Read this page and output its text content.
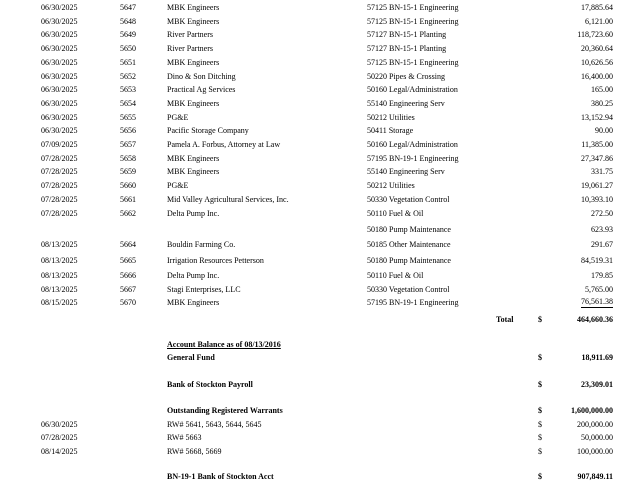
06/30/2025	5647	MBK Engineers	57125 BN-15-1 Engineering	17,885.64
06/30/2025	5648	MBK Engineers	57125 BN-15-1 Engineering	6,121.00
06/30/2025	5649	River Partners	57127 BN-15-1 Planting	118,723.60
06/30/2025	5650	River Partners	57127 BN-15-1 Planting	20,360.64
06/30/2025	5651	MBK Engineers	57125 BN-15-1 Engineering	10,626.56
06/30/2025	5652	Dino & Son Ditching	50220 Pipes & Crossing	16,400.00
06/30/2025	5653	Practical Ag Services	50160 Legal/Administration	165.00
06/30/2025	5654	MBK Engineers	55140 Engineering Serv	380.25
06/30/2025	5655	PG&E	50212 Utilities	13,152.94
06/30/2025	5656	Pacific Storage Company	50411 Storage	90.00
07/09/2025	5657	Pamela A. Forbus, Attorney at Law	50160 Legal/Administration	11,385.00
07/28/2025	5658	MBK Engineers	57195 BN-19-1 Engineering	27,347.86
07/28/2025	5659	MBK Engineers	55140 Engineering Serv	331.75
07/28/2025	5660	PG&E	50212 Utilities	19,061.27
07/28/2025	5661	Mid Valley Agricultural Services, Inc.	50330 Vegetation Control	10,393.10
07/28/2025	5662	Delta Pump Inc.	50110 Fuel & Oil	272.50
50180 Pump Maintenance	623.93
08/13/2025	5664	Bouldin Farming Co.	50185 Other Maintenance	291.67
08/13/2025	5665	Irrigation Resources Petterson	50180 Pump Maintenance	84,519.31
08/13/2025	5666	Delta Pump Inc.	50110 Fuel & Oil	179.85
08/13/2025	5667	Stagi Enterprises, LLC	50330 Vegetation Control	5,765.00
08/15/2025	5670	MBK Engineers	57195 BN-19-1 Engineering	76,561.38
Total	$	464,660.36
Account Balance as of 08/13/2016
General Fund	$	18,911.69
Bank of Stockton Payroll	$	23,309.01
Outstanding Registered Warrants	$	1,600,000.00
06/30/2025	RW# 5641, 5643, 5644, 5645	$	200,000.00
07/28/2025	RW# 5663	$	50,000.00
08/14/2025	RW# 5668, 5669	$	100,000.00
BN-19-1 Bank of Stockton Acct	$	907,849.11
